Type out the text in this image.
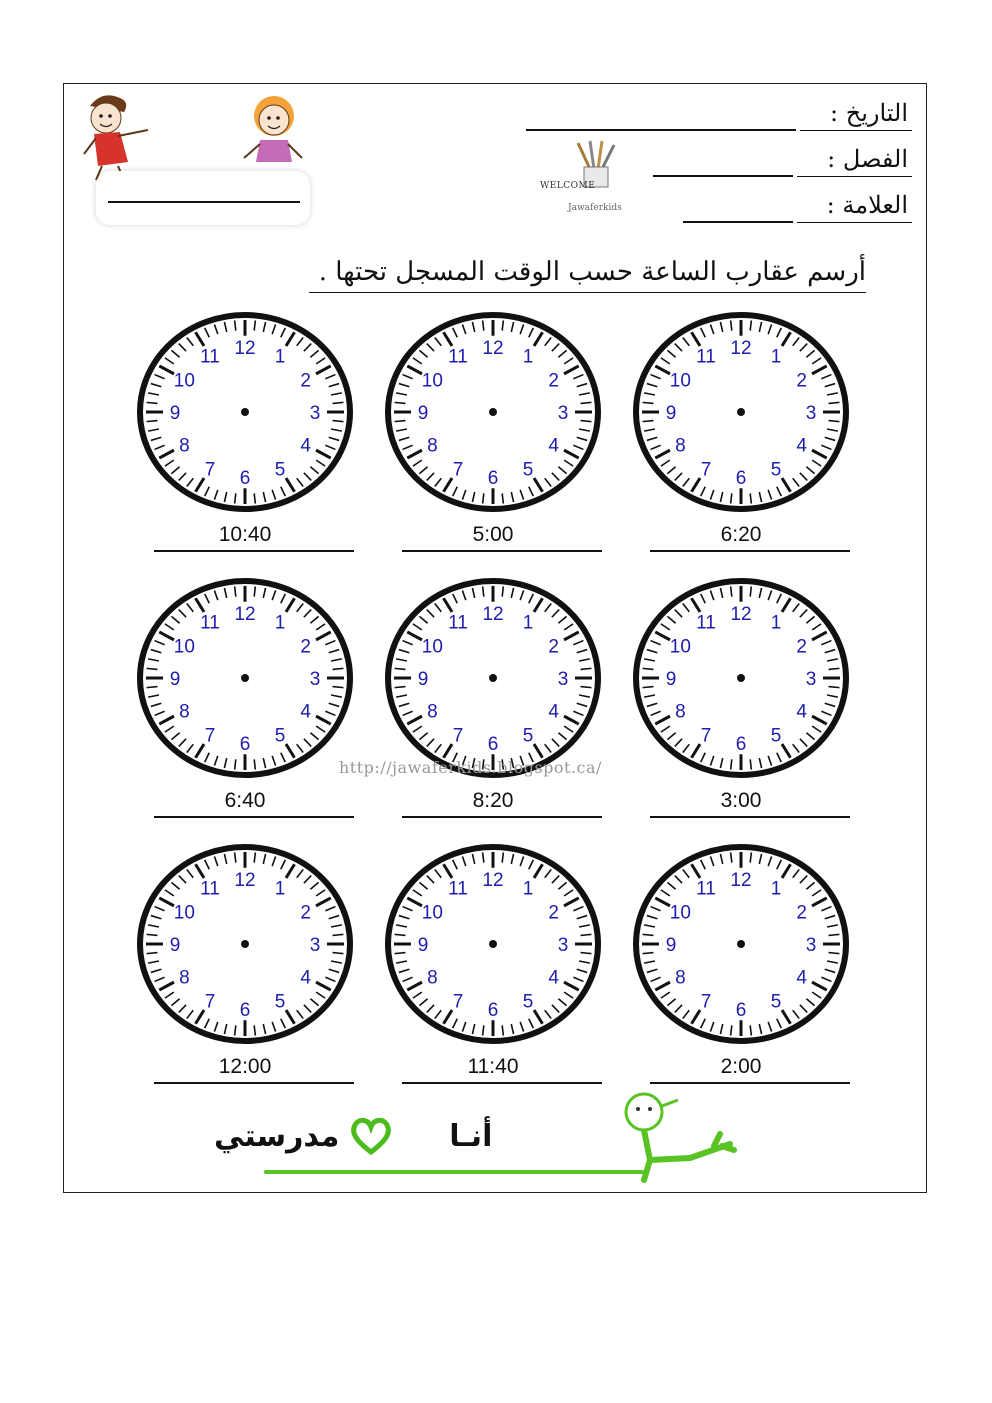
WELCOME
Jawaferkids
التاريخ :
الفصل :
العلامة :
أرسم عقارب الساعة حسب الوقت المسجل تحتها .
12 1
2
3
4
5
6
7
8
9
10
11
6:20
12 1
2
3
4
5
6
7
8
9
10
11
5:00
12 1
2
3
4
5
6
7
8
9
10
11
10:40
12 1
2
3
4
5
6
7
8
9
10
11
3:00
12 1
2
3
4
5
6
7
8
9
10
11
8:20
12 1
2
3
4
5
6
7
8
9
10
11
6:40
12 1
2
3
4
5
6
7
8
9
10
11
2:00
12 1
2
3
4
5
6
7
8
9
10
11
11:40
12 1
2
3
4
5
6
7
8
9
10
11
12:00
http://jawaferkids.blogspot.ca/
مدرستي	أنـا
